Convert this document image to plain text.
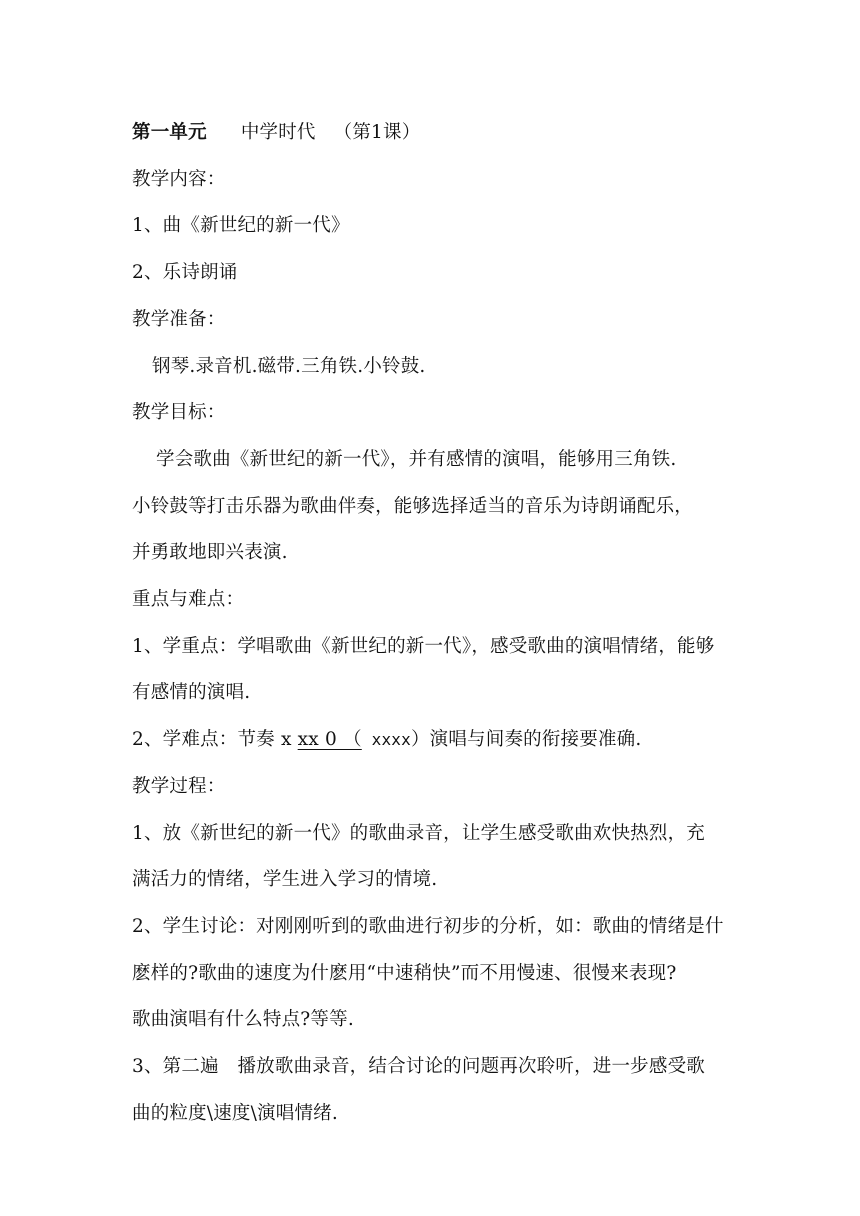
第一单元 中学时代 （第1课）
教学内容：
1、曲《新世纪的新一代》
2、乐诗朗诵
教学准备：
钢琴.录音机.磁带.三角铁.小铃鼓.
教学目标：
学会歌曲《新世纪的新一代》，并有感情的演唱，能够用三角铁.
小铃鼓等打击乐器为歌曲伴奏，能够选择适当的音乐为诗朗诵配乐，
并勇敢地即兴表演.
重点与难点：
1、学重点：学唱歌曲《新世纪的新一代》，感受歌曲的演唱情绪，能够
有感情的演唱.
2、学难点：节奏 x xx 0 （ xxxx）演唱与间奏的衔接要准确.
教学过程：
1、放《新世纪的新一代》的歌曲录音，让学生感受歌曲欢快热烈，充
满活力的情绪，学生进入学习的情境.
2、学生讨论：对刚刚听到的歌曲进行初步的分析，如：歌曲的情绪是什
麽样的?歌曲的速度为什麽用“中速稍快”而不用慢速、很慢来表现?
歌曲演唱有什么特点?等等.
3、第二遍　播放歌曲录音，结合讨论的问题再次聆听，进一步感受歌
曲的粒度\速度\演唱情绪.
